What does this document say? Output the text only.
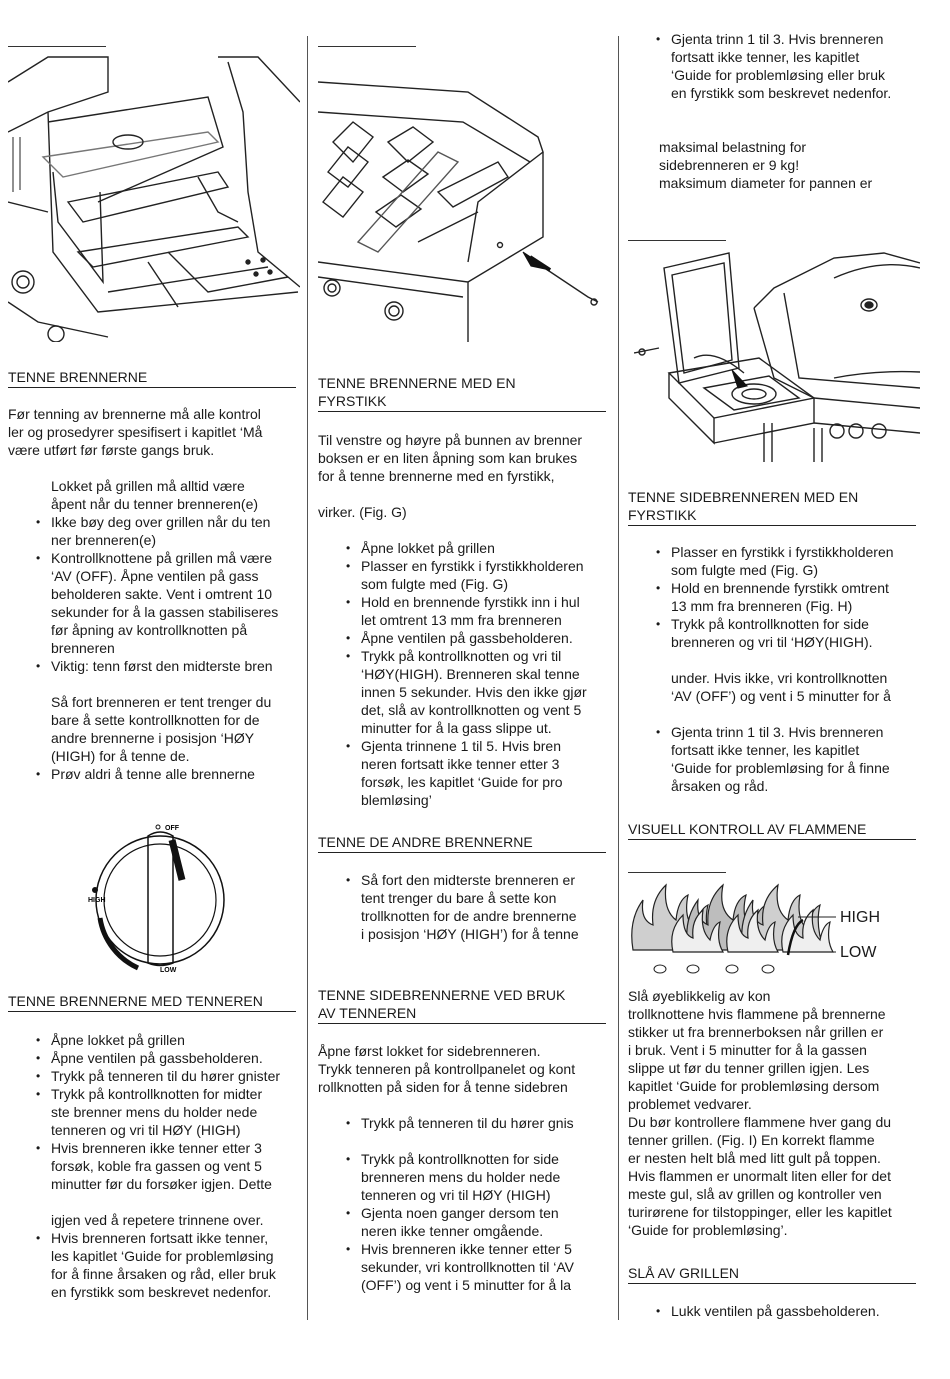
TENNE BRENNERNE

Før tenning av brennerne må alle kontrol
ler og prosedyrer spesifisert i kapitlet ‘Må
være utført før første gangs bruk.

Lokket på grillen må alltid være
åpent når du tenner brenneren(e)

• Ikke bøy deg over grillen når du ten
ner brenneren(e)
• Kontrollknottene på grillen må være
‘AV (OFF). Åpne ventilen på gass
beholderen sakte. Vent i omtrent 10
sekunder for å la gassen stabiliseres
før åpning av kontrollknotten på
brenneren
• Viktig: tenn først den midterste bren

Så fort brenneren er tent trenger du
bare å sette kontrollknotten for de
andre brennerne i posisjon ‘HØY
(HIGH) for å tenne de.

• Prøv aldri å tenne alle brennerne
OFF
HIGH
LOW
TENNE BRENNERNE MED TENNEREN
• Åpne lokket på grillen
• Åpne ventilen på gassbeholderen.
• Trykk på tenneren til du hører gnister
• Trykk på kontrollknotten for midter
ste brenner mens du holder nede
tenneren og vri til HØY (HIGH)
• Hvis brenneren ikke tenner etter 3
forsøk, koble fra gassen og vent 5
minutter før du forsøker igjen. Dette

igjen ved å repetere trinnene over.

• Hvis brenneren fortsatt ikke tenner,
les kapitlet ‘Guide for problemløsing
for å finne årsaken og råd, eller bruk
en fyrstikk som beskrevet nedenfor.
TENNE BRENNERNE MED EN
FYRSTIKK

Til venstre og høyre på bunnen av brenner
boksen er en liten åpning som kan brukes
for å tenne brennerne med en fyrstikk,

virker. (Fig. G)

• Åpne lokket på grillen
• Plasser en fyrstikk i fyrstikkholderen
som fulgte med (Fig. G)
• Hold en brennende fyrstikk inn i hul
let omtrent 13 mm fra brenneren
• Åpne ventilen på gassbeholderen.
• Trykk på kontrollknotten og vri til
‘HØY(HIGH). Brenneren skal tenne
innen 5 sekunder. Hvis den ikke gjør
det, slå av kontrollknotten og vent 5
minutter for å la gass slippe ut.
• Gjenta trinnene 1 til 5. Hvis bren
neren fortsatt ikke tenner etter 3
forsøk, les kapitlet ‘Guide for pro
blemløsing’
TENNE DE ANDRE BRENNERNE
• Så fort den midterste brenneren er
tent trenger du bare å sette kon
trollknotten for de andre brennerne
i posisjon ‘HØY (HIGH’) for å tenne
TENNE SIDEBRENNERNE VED BRUK
AV TENNEREN

Åpne først lokket for sidebrenneren.
Trykk tenneren på kontrollpanelet og kont
rollknotten på siden for å tenne sidebren

• Trykk på tenneren til du hører gnis
• Trykk på kontrollknotten for side
brenneren mens du holder nede
tenneren og vri til HØY (HIGH)
• Gjenta noen ganger dersom ten
neren ikke tenner omgående.
• Hvis brenneren ikke tenner etter 5
sekunder, vri kontrollknotten til ‘AV
(OFF’) og vent i 5 minutter for å la
• Gjenta trinn 1 til 3. Hvis brenneren
fortsatt ikke tenner, les kapitlet
‘Guide for problemløsing eller bruk
en fyrstikk som beskrevet nedenfor.

maksimal belastning for
sidebrenneren er 9 kg!
maksimum diameter for pannen er

TENNE SIDEBRENNEREN MED EN
FYRSTIKK
• Plasser en fyrstikk i fyrstikkholderen
som fulgte med (Fig. G)
• Hold en brennende fyrstikk omtrent
13 mm fra brenneren (Fig. H)
• Trykk på kontrollknotten for side
brenneren og vri til ‘HØY(HIGH).

under. Hvis ikke, vri kontrollknotten
‘AV (OFF’) og vent i 5 minutter for å

• Gjenta trinn 1 til 3. Hvis brenneren
fortsatt ikke tenner, les kapitlet
‘Guide for problemløsing for å finne
årsaken og råd.
VISUELL KONTROLL AV FLAMMENE
HIGH
LOW

Slå øyeblikkelig av kon
trollknottene hvis flammene på brennerne
stikker ut fra brennerboksen når grillen er
i bruk. Vent i 5 minutter for å la gassen
slippe ut før du tenner grillen igjen. Les
kapitlet ‘Guide for problemløsing dersom
problemet vedvarer.
Du bør kontrollere flammene hver gang du
tenner grillen. (Fig. I) En korrekt flamme
er nesten helt blå med litt gult på toppen.
Hvis flammen er unormalt liten eller for det
meste gul, slå av grillen og kontroller ven
turirørene for tilstoppinger, eller les kapitlet
‘Guide for problemløsing’.

SLÅ AV GRILLEN
• Lukk ventilen på gassbeholderen.
